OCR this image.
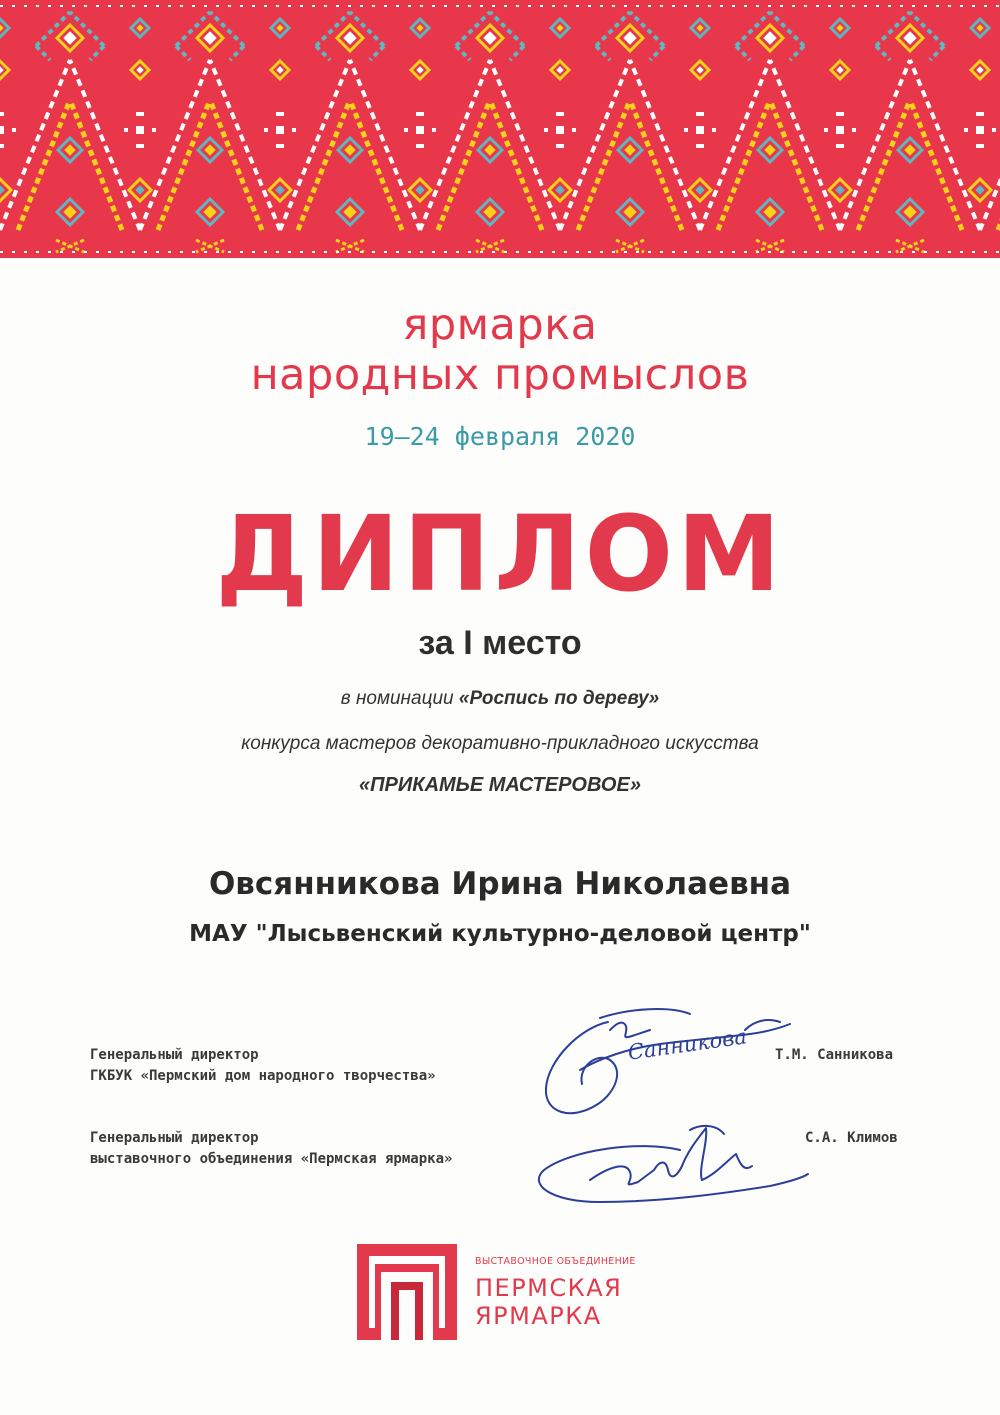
ярмарка
народных промыслов
19–24 февраля 2020
ДИПЛОМ
за I место
в номинации «Роспись по дереву»
конкурса мастеров декоративно-прикладного искусства
«ПРИКАМЬЕ МАСТЕРОВОЕ»
Овсянникова Ирина Николаевна
МАУ "Лысьвенский культурно-деловой центр"
Генеральный директор
ГКБУК «Пермский дом народного творчества»
Т.М. Санникова
Санникова
Генеральный директор
выставочного объединения «Пермская ярмарка»
С.А. Климов
ВЫСТАВОЧНОЕ ОБЪЕДИНЕНИЕ
ПЕРМСКАЯ
ЯРМАРКА
